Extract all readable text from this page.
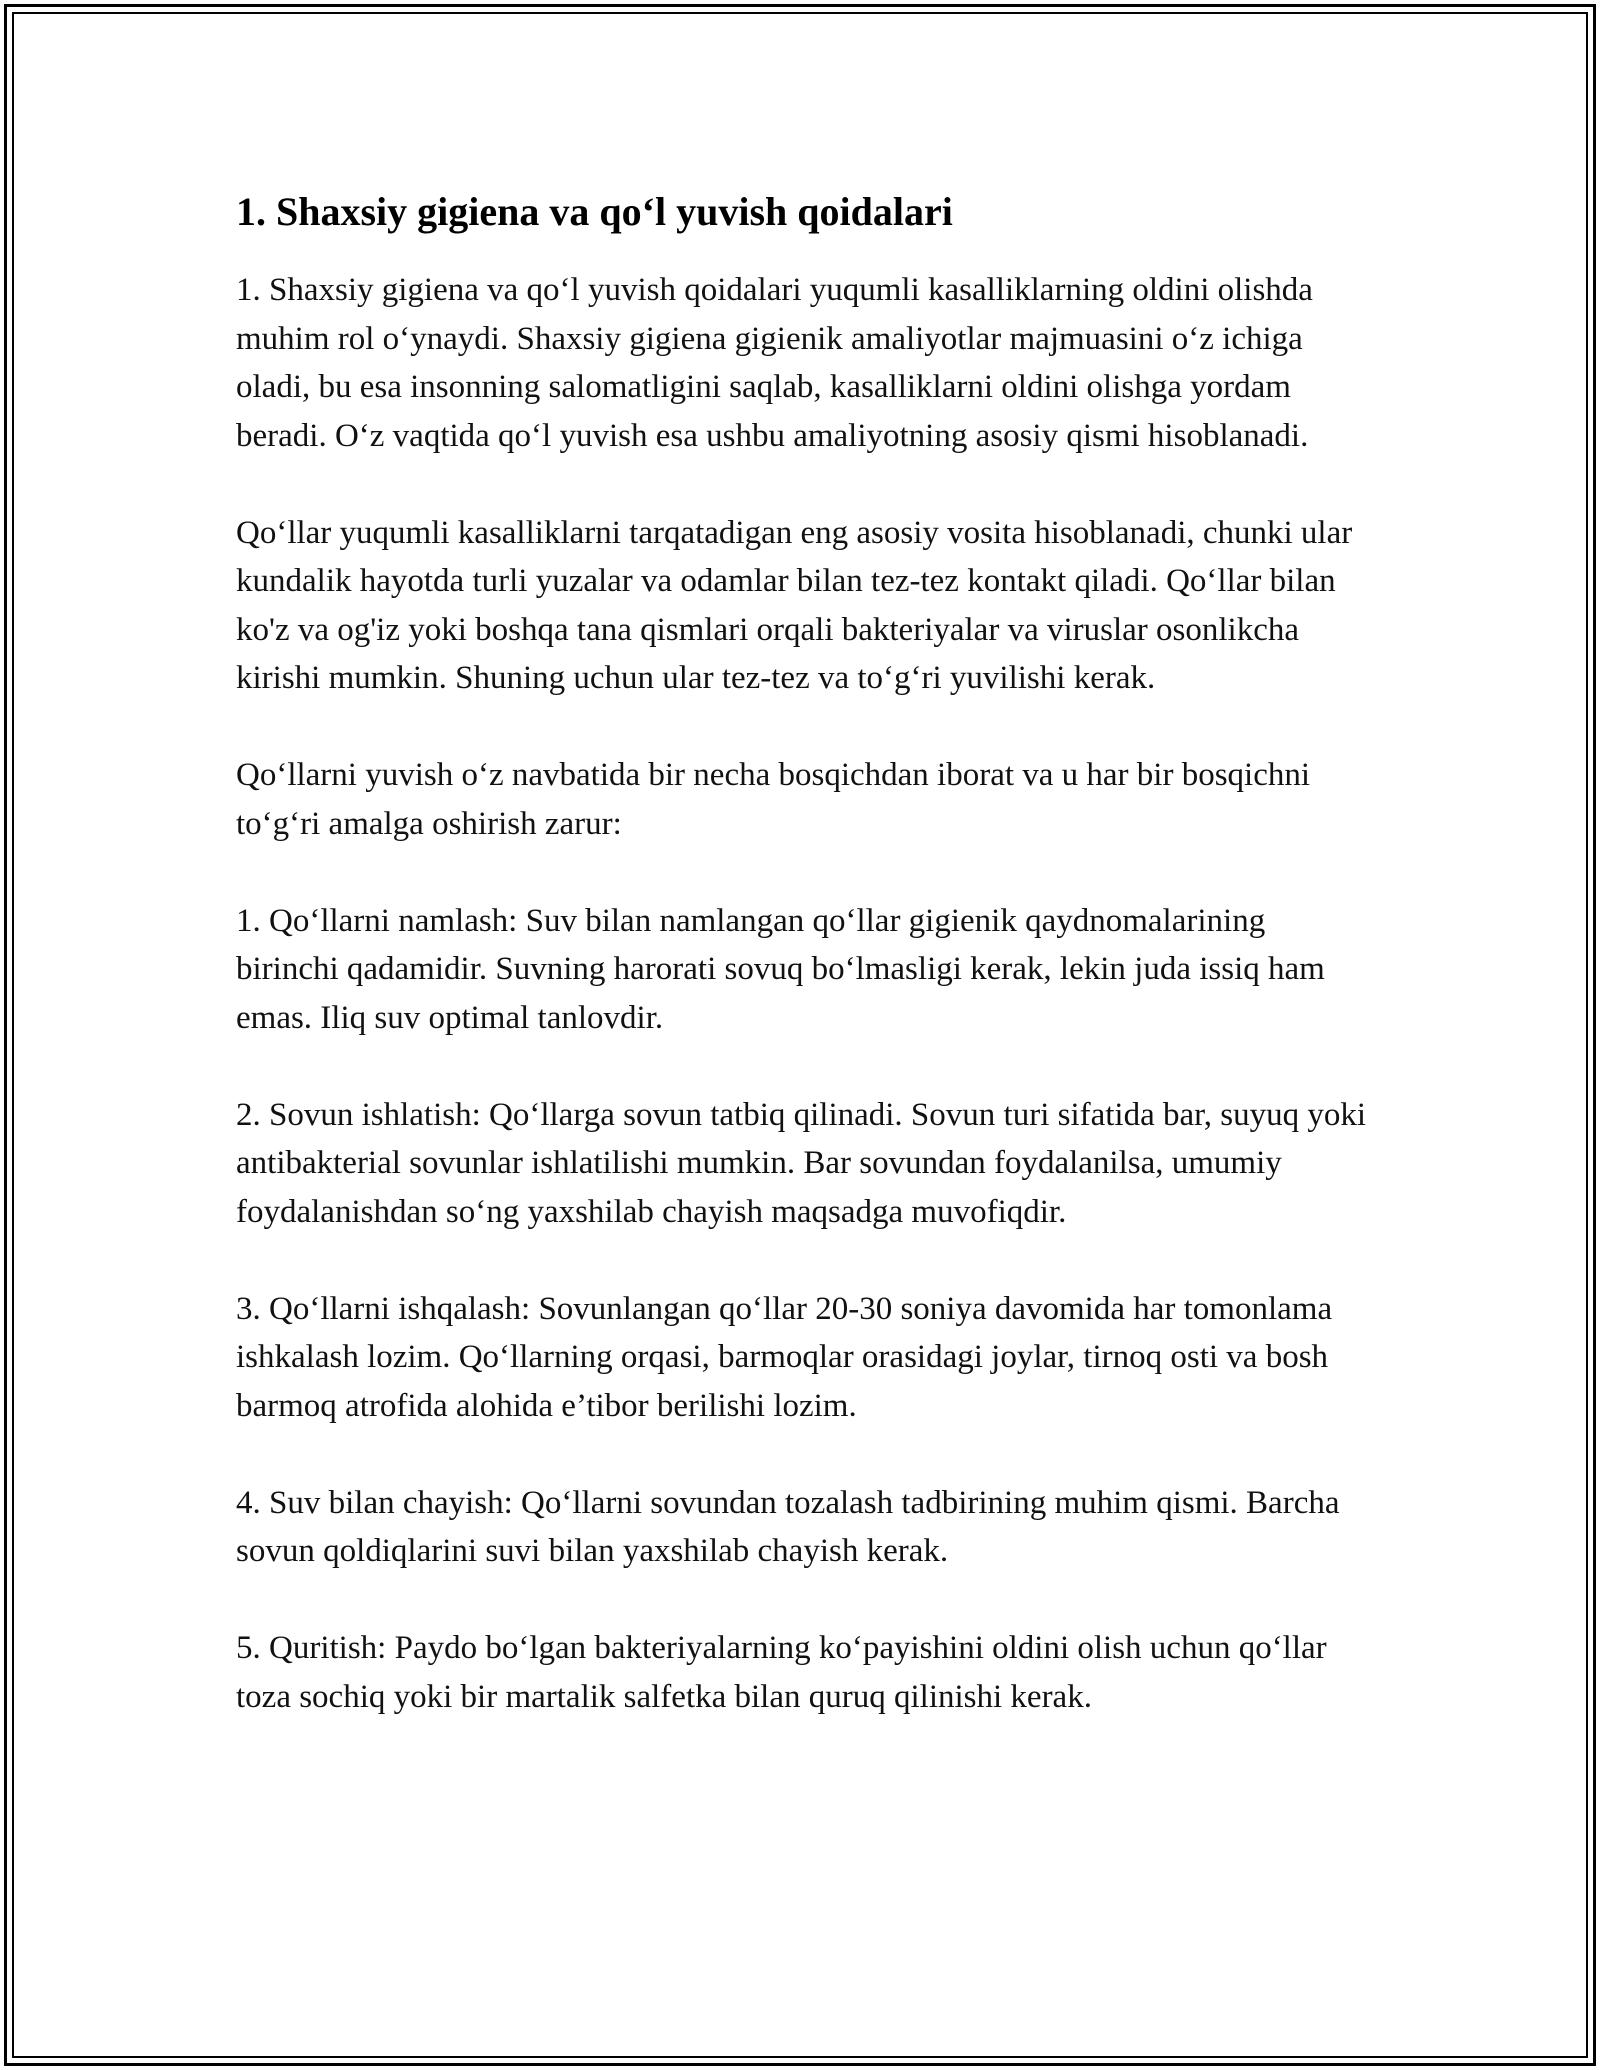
1. Shaxsiy gigiena va qo‘l yuvish qoidalari

1. Shaxsiy gigiena va qo‘l yuvish qoidalari yuqumli kasalliklarning oldini olishda muhim rol o‘ynaydi. Shaxsiy gigiena gigienik amaliyotlar majmuasini o‘z ichiga oladi, bu esa insonning salomatligini saqlab, kasalliklarni oldini olishga yordam beradi. O‘z vaqtida qo‘l yuvish esa ushbu amaliyotning asosiy qismi hisoblanadi.

Qo‘llar yuqumli kasalliklarni tarqatadigan eng asosiy vosita hisoblanadi, chunki ular kundalik hayotda turli yuzalar va odamlar bilan tez-tez kontakt qiladi. Qo‘llar bilan ko'z va og'iz yoki boshqa tana qismlari orqali bakteriyalar va viruslar osonlikcha kirishi mumkin. Shuning uchun ular tez-tez va to‘g‘ri yuvilishi kerak.

Qo‘llarni yuvish o‘z navbatida bir necha bosqichdan iborat va u har bir bosqichni to‘g‘ri amalga oshirish zarur:

1. Qo‘llarni namlash: Suv bilan namlangan qo‘llar gigienik qaydnomalarining birinchi qadamidir. Suvning harorati sovuq bo‘lmasligi kerak, lekin juda issiq ham emas. Iliq suv optimal tanlovdir.

2. Sovun ishlatish: Qo‘llarga sovun tatbiq qilinadi. Sovun turi sifatida bar, suyuq yoki antibakterial sovunlar ishlatilishi mumkin. Bar sovundan foydalanilsa, umumiy foydalanishdan so‘ng yaxshilab chayish maqsadga muvofiqdir.

3. Qo‘llarni ishqalash: Sovunlangan qo‘llar 20-30 soniya davomida har tomonlama ishkalash lozim. Qo‘llarning orqasi, barmoqlar orasidagi joylar, tirnoq osti va bosh barmoq atrofida alohida e’tibor berilishi lozim.

4. Suv bilan chayish: Qo‘llarni sovundan tozalash tadbirining muhim qismi. Barcha sovun qoldiqlarini suvi bilan yaxshilab chayish kerak.

5. Quritish: Paydo bo‘lgan bakteriyalarning ko‘payishini oldini olish uchun qo‘llar toza sochiq yoki bir martalik salfetka bilan quruq qilinishi kerak.
